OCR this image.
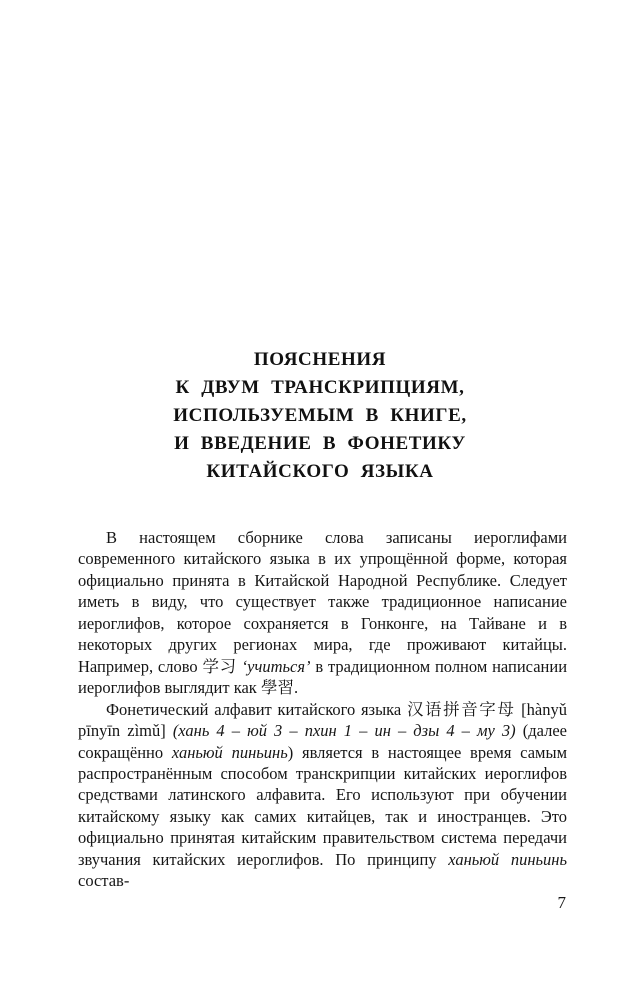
ПОЯСНЕНИЯ
К ДВУМ ТРАНСКРИПЦИЯМ,
ИСПОЛЬЗУЕМЫМ В КНИГЕ,
И ВВЕДЕНИЕ В ФОНЕТИКУ
КИТАЙСКОГО ЯЗЫКА

В настоящем сборнике слова записаны иероглифами современного китайского языка в их упрощённой форме, которая официально принята в Китайской Народной Республике. Следует иметь в виду, что существует также традиционное написание иероглифов, которое сохраняется в Гонконге, на Тайване и в некоторых других регионах мира, где проживают китайцы. Например, слово 学习 ‘учиться’ в традиционном полном написании иероглифов выглядит как 學習.

Фонетический алфавит китайского языка 汉语拼音字母 [hànyǔ pīnyīn zìmǔ] (хань 4 – юй 3 – пхин 1 – ин – дзы 4 – му 3) (далее сокращённо ханьюй пиньинь) является в настоящее время самым распространённым способом транскрипции китайских иероглифов средствами латинского алфавита. Его используют при обучении китайскому языку как самих китайцев, так и иностранцев. Это официально принятая китайским правительством система передачи звучания китайских иероглифов. По принципу ханьюй пиньинь состав-

7
